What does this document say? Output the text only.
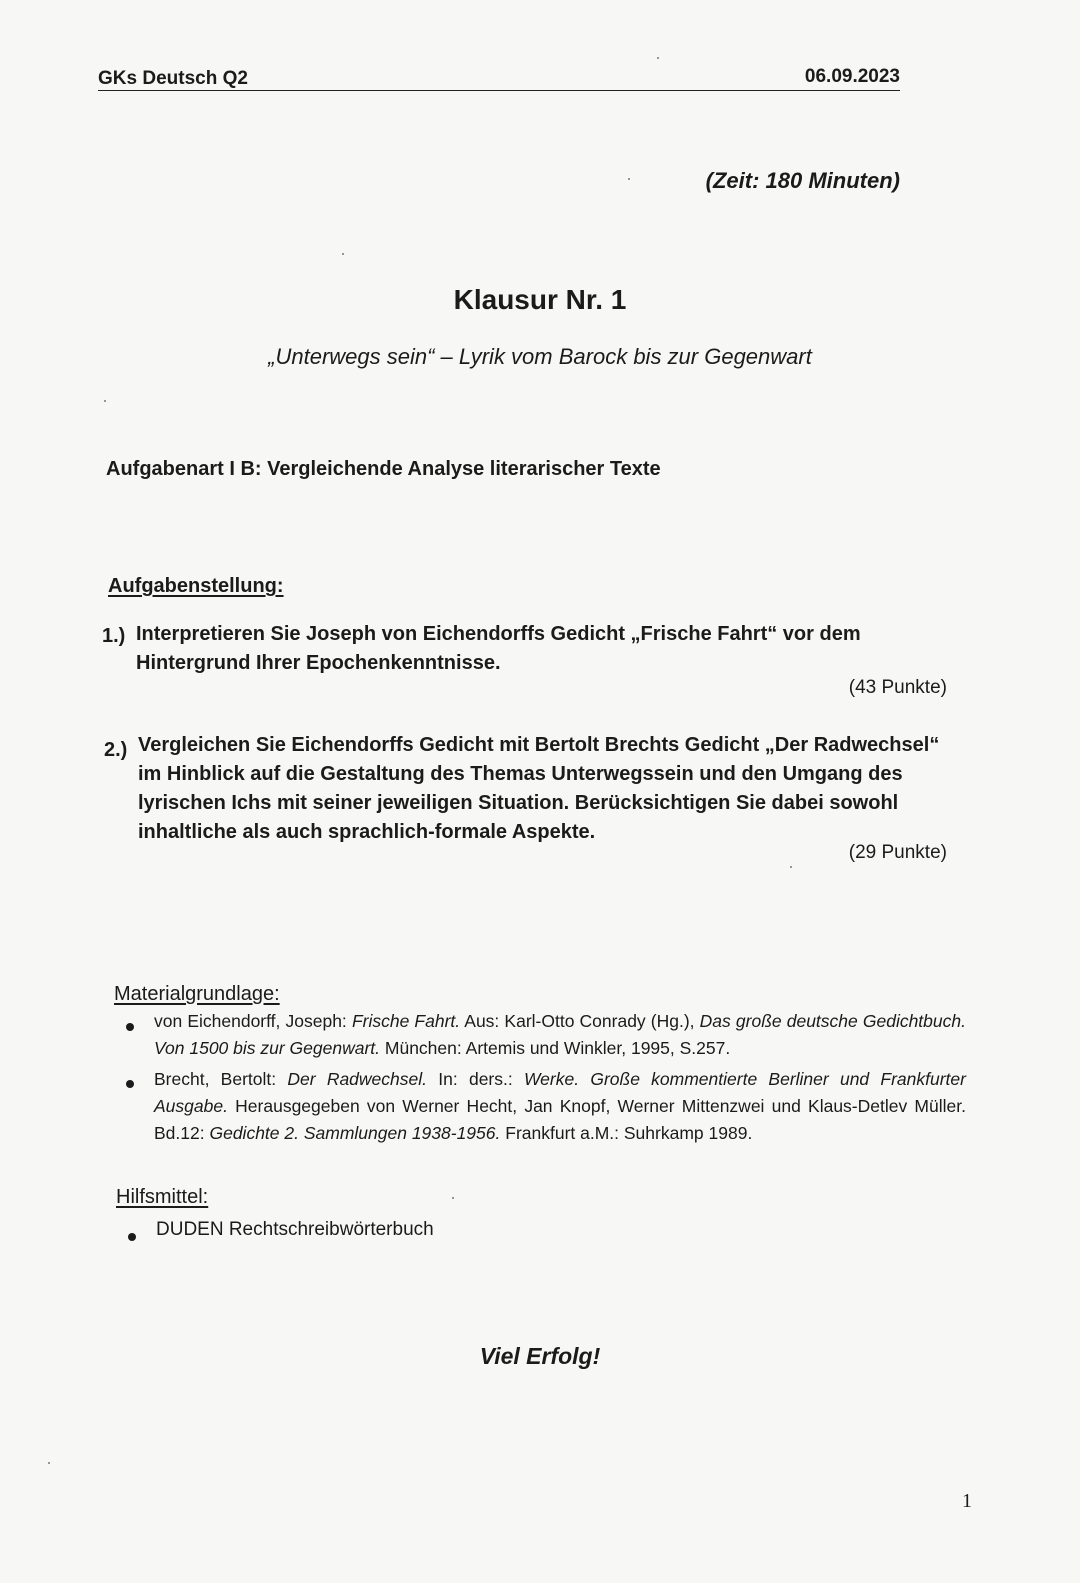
GKs Deutsch Q2	06.09.2023
(Zeit: 180 Minuten)
Klausur Nr. 1
„Unterwegs sein“ – Lyrik vom Barock bis zur Gegenwart
Aufgabenart I B: Vergleichende Analyse literarischer Texte
Aufgabenstellung:
1.) Interpretieren Sie Joseph von Eichendorffs Gedicht „Frische Fahrt“ vor dem Hintergrund Ihrer Epochenkenntnisse.
(43 Punkte)
2.) Vergleichen Sie Eichendorffs Gedicht mit Bertolt Brechts Gedicht „Der Radwechsel“ im Hinblick auf die Gestaltung des Themas Unterwegssein und den Umgang des lyrischen Ichs mit seiner jeweiligen Situation. Berücksichtigen Sie dabei sowohl inhaltliche als auch sprachlich-formale Aspekte.
(29 Punkte)
Materialgrundlage:
von Eichendorff, Joseph: Frische Fahrt. Aus: Karl-Otto Conrady (Hg.), Das große deutsche Gedichtbuch. Von 1500 bis zur Gegenwart. München: Artemis und Winkler, 1995, S.257.
Brecht, Bertolt: Der Radwechsel. In: ders.: Werke. Große kommentierte Berliner und Frankfurter Ausgabe. Herausgegeben von Werner Hecht, Jan Knopf, Werner Mittenzwei und Klaus-Detlev Müller. Bd.12: Gedichte 2. Sammlungen 1938-1956. Frankfurt a.M.: Suhrkamp 1989.
Hilfsmittel:
DUDEN Rechtschreibwörterbuch
Viel Erfolg!
1
